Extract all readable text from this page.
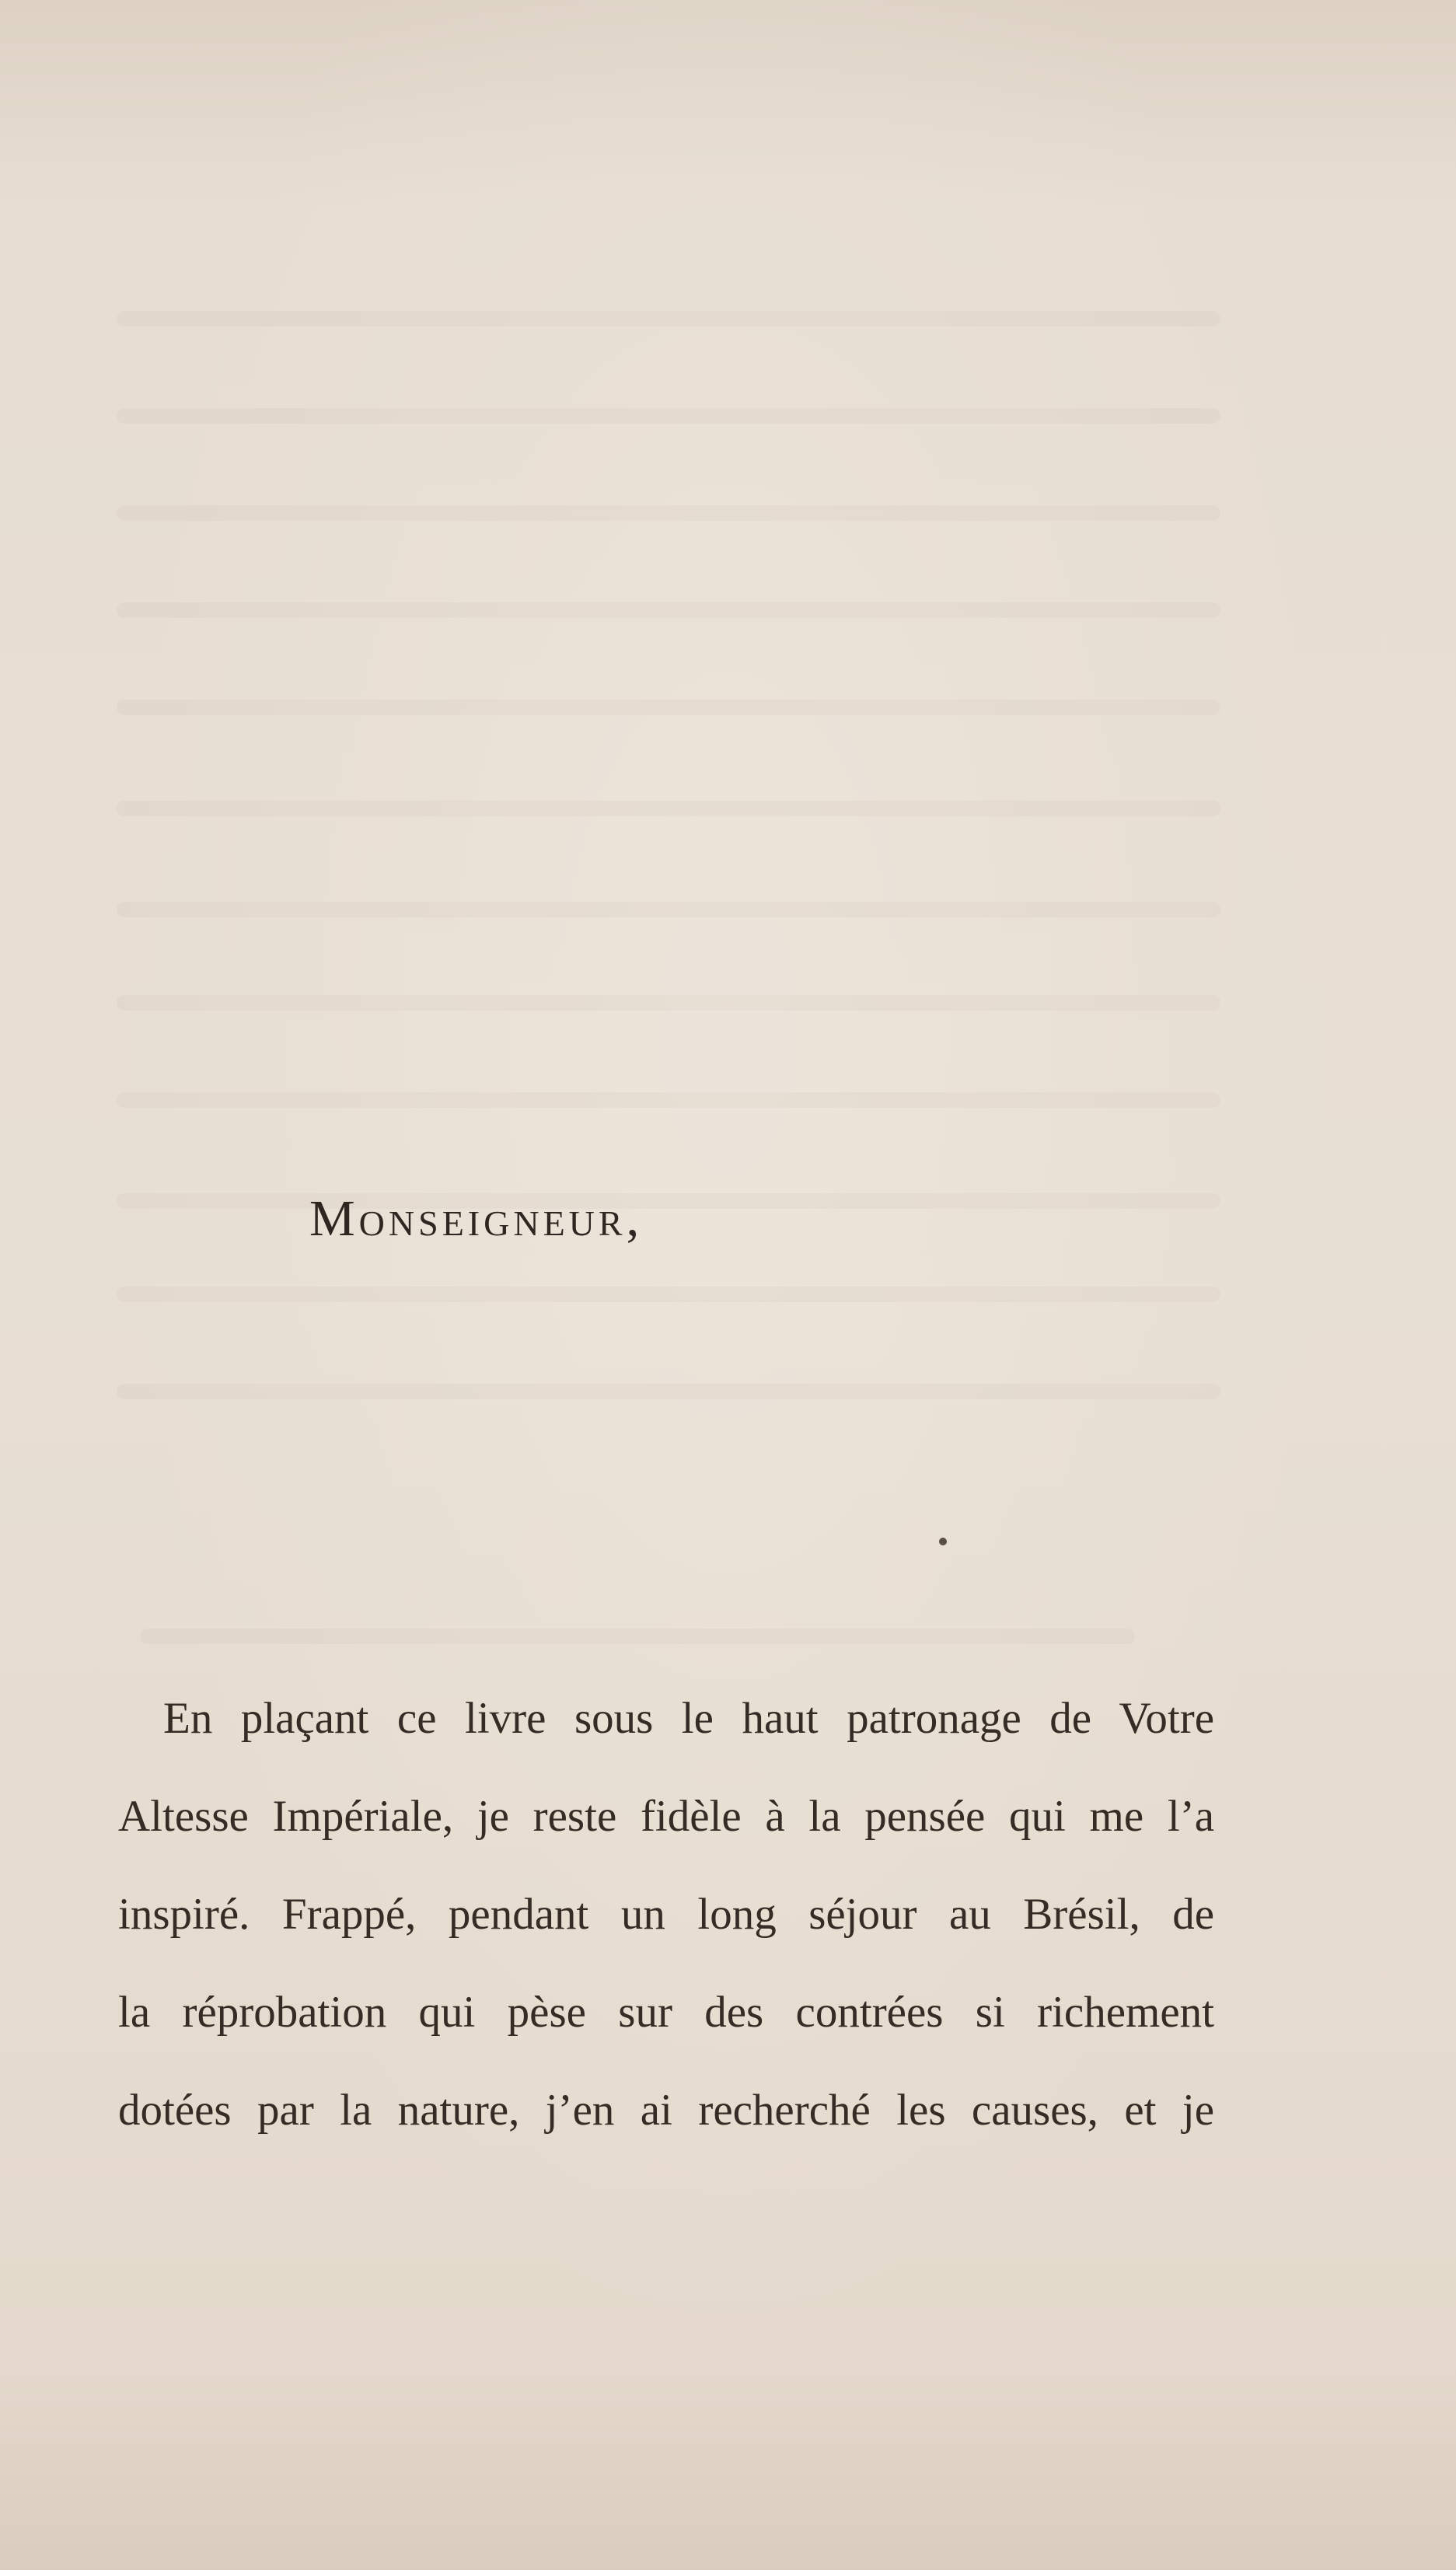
Monseigneur,
En plaçant ce livre sous le haut patronage de Votre
Altesse Impériale, je reste fidèle à la pensée qui me l’a
inspiré. Frappé, pendant un long séjour au Brésil, de
la réprobation qui pèse sur des contrées si richement
dotées par la nature, j’en ai recherché les causes, et je
